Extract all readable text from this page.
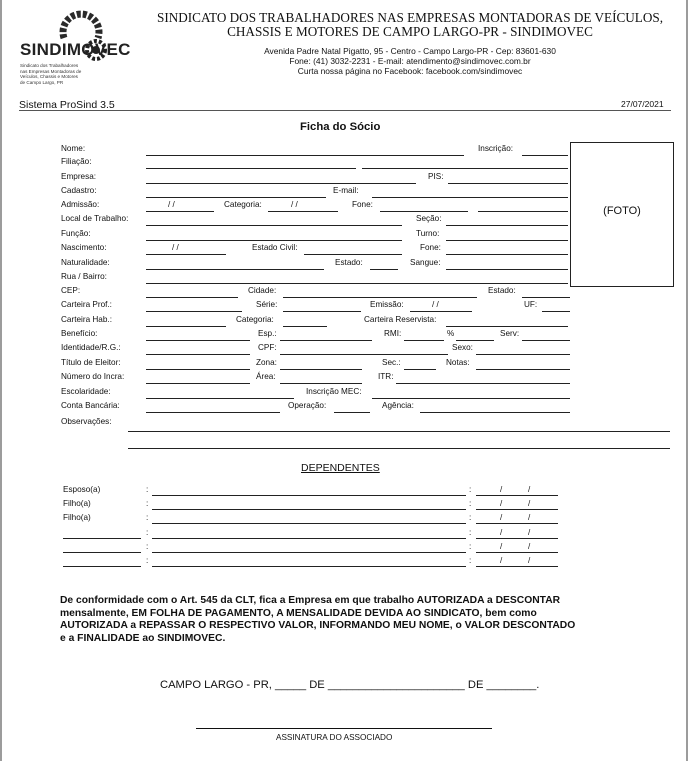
SINDIMOVEC
Sindicato dos Trabalhadores nas Empresas Montadoras de Veículos, Chassis e Motores de Campo Largo, PR
SINDICATO DOS TRABALHADORES NAS EMPRESAS MONTADORAS DE VEÍCULOS,
CHASSIS E MOTORES DE CAMPO LARGO-PR - SINDIMOVEC
Avenida Padre Natal Pigatto, 95 - Centro - Campo Largo-PR - Cep: 83601-630
Fone: (41) 3032-2231 - E-mail: atendimento@sindimovec.com.br
Curta nossa página no Facebook: facebook.com/sindimovec
Sistema ProSind 3.5	27/07/2021
Ficha do Sócio
(FOTO)
Nome:	Inscrição:
Filiação:
Empresa:	PIS:
Cadastro:	E-mail:
Admissão:	/ /	Categoria:	/ /	Fone:
Local de Trabalho:	Seção:
Função:	Turno:
Nascimento:	/ /	Estado Civil:	Fone:
Naturalidade:	Estado:	Sangue:
Rua / Bairro:
CEP:	Cidade:	Estado:
Carteira Prof.:	Série:	Emissão:	/ /	UF:
Carteira Hab.:	Categoria:	Carteira Reservista:
Benefício:	Esp.:	RMI:	%	Serv:
Identidade/R.G.:	CPF:	Sexo:
Título de Eleitor:	Zona:	Sec.:	Notas:
Número do Incra:	Área:	ITR:
Escolaridade:	Inscrição MEC:
Conta Bancária:	Operação:	Agência:
Observações:
DEPENDENTES
Esposo(a)	:	:	/	/
Filho(a)	:	:	/	/
Filho(a)	:	:	/	/
:	:	/	/
:	:	/	/
:	:	/	/
De conformidade com o Art. 545 da CLT, fica a Empresa em que trabalho AUTORIZADA a DESCONTAR
mensalmente, EM FOLHA DE PAGAMENTO, A MENSALIDADE DEVIDA AO SINDICATO, bem como
AUTORIZADA a REPASSAR O RESPECTIVO VALOR, INFORMANDO MEU NOME, o VALOR DESCONTADO
e a FINALIDADE ao SINDIMOVEC.
CAMPO LARGO - PR, _____ DE ______________________ DE ________.
ASSINATURA DO ASSOCIADO
